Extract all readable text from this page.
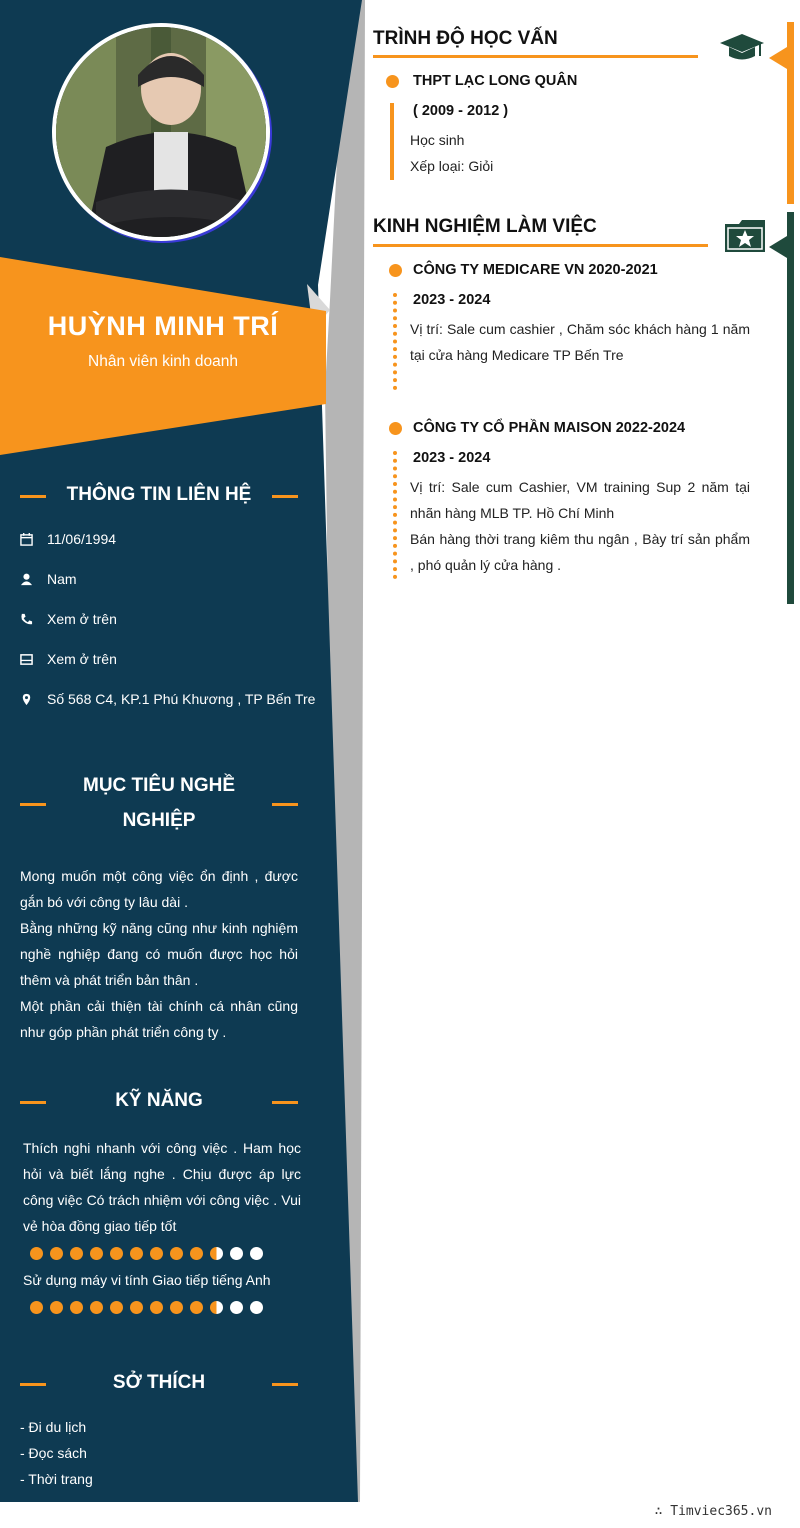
HUỲNH MINH TRÍ
Nhân viên kinh doanh
THÔNG TIN LIÊN HỆ
11/06/1994
Nam
Xem ở trên
Xem ở trên
Số 568 C4, KP.1 Phú Khương , TP Bến Tre
MỤC TIÊU NGHỀ
NGHIỆP
Mong muốn một công việc ổn định , được gắn bó với công ty lâu dài .
Bằng những kỹ năng cũng như kinh nghiệm nghề nghiệp đang có muốn được học hỏi thêm và phát triển bản thân .
Một phần cải thiện tài chính cá nhân cũng như góp phần phát triển công ty .
KỸ NĂNG
Thích nghi nhanh với công việc . Ham học hỏi và biết lắng nghe . Chịu được áp lực công việc Có trách nhiệm với công việc . Vui vẻ hòa đồng giao tiếp tốt
Sử dụng máy vi tính Giao tiếp tiếng Anh
SỞ THÍCH
- Đi du lịch
- Đọc sách
- Thời trang
TRÌNH ĐỘ HỌC VẤN
THPT LẠC LONG QUÂN
( 2009 - 2012 )
Học sinh
Xếp loại: Giỏi
KINH NGHIỆM LÀM VIỆC
CÔNG TY MEDICARE VN 2020-2021
2023 - 2024
Vị trí: Sale cum cashier , Chăm sóc khách hàng 1 năm tại cửa hàng Medicare TP Bến Tre
CÔNG TY CỔ PHẦN MAISON 2022-2024
2023 - 2024
Vị trí: Sale cum Cashier, VM training Sup 2 năm tại nhãn hàng MLB TP. Hồ Chí Minh
Bán hàng thời trang kiêm thu ngân , Bày trí sản phẩm , phó quản lý cửa hàng .
∴ Timviec365.vn
